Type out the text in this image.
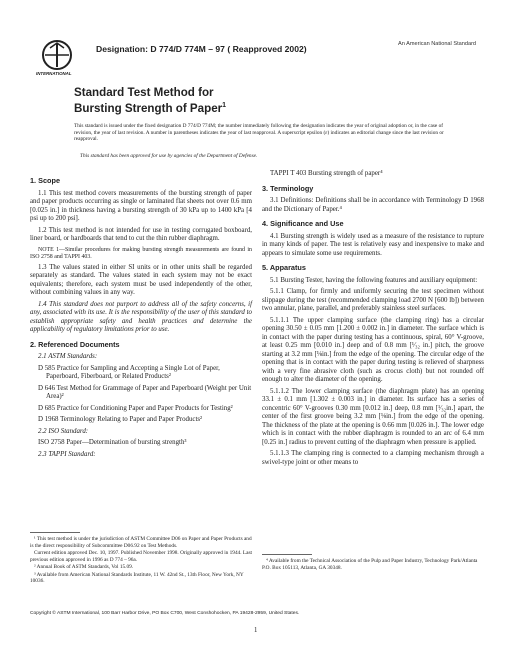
INTERNATIONAL
Designation: D 774/D 774M – 97 ( Reapproved 2002)	An American National Standard
Standard Test Method for
Bursting Strength of Paper$^1$
This standard is issued under the fixed designation D 774/D 774M; the number immediately following the designation indicates the year of original adoption or, in the case of revision, the year of last revision. A number in parentheses indicates the year of last reapproval. A superscript epsilon (ε) indicates an editorial change since the last revision or reapproval.
This standard has been approved for use by agencies of the Department of Defense.
1. Scope

1.1 This test method covers measurements of the bursting strength of paper and paper products occurring as single or laminated flat sheets not over 0.6 mm [0.025 in.] in thickness having a bursting strength of 30 kPa up to 1400 kPa [4 psi up to 200 psi].

1.2 This test method is not intended for use in testing corrugated boxboard, liner board, or hardboards that tend to cut the thin rubber diaphragm.

NOTE 1—Similar procedures for making bursting strength measurements are found in ISO 2758 and TAPPI 403.

1.3 The values stated in either SI units or in other units shall be regarded separately as standard. The values stated in each system may not be exact equivalents; therefore, each system must be used independently of the other, without combining values in any way.

1.4 This standard does not purport to address all of the safety concerns, if any, associated with its use. It is the responsibility of the user of this standard to establish appropriate safety and health practices and determine the applicability of regulatory limitations prior to use.

2. Referenced Documents

2.1 ASTM Standards:

D 585 Practice for Sampling and Accepting a Single Lot of Paper, Paperboard, Fiberboard, or Related Products²

D 646 Test Method for Grammage of Paper and Paperboard (Weight per Unit Area)²

D 685 Practice for Conditioning Paper and Paper Products for Testing²

D 1968 Terminology Relating to Paper and Paper Products²

2.2 ISO Standard:

ISO 2758 Paper—Determination of bursting strength³

2.3 TAPPI Standard:

TAPPI T 403 Bursting strength of paper⁴

3. Terminology

3.1 Definitions: Definitions shall be in accordance with Terminology D 1968 and the Dictionary of Paper.⁴

4. Significance and Use

4.1 Bursting strength is widely used as a measure of the resistance to rupture in many kinds of paper. The test is relatively easy and inexpensive to make and appears to simulate some use requirements.

5. Apparatus

5.1 Bursting Tester, having the following features and auxiliary equipment:

5.1.1 Clamp, for firmly and uniformly securing the test specimen without slippage during the test (recommended clamping load 2700 N [600 lb]) between two annular, plane, parallel, and preferably stainless steel surfaces.

5.1.1.1 The upper clamping surface (the clamping ring) has a circular opening 30.50 ± 0.05 mm [1.200 ± 0.002 in.] in diameter. The surface which is in contact with the paper during testing has a continuous, spiral, 60° V-groove, at least 0.25 mm [0.010 in.] deep and of 0.8 mm [¹⁄₃₂ in.] pitch, the groove starting at 3.2 mm [⅛in.] from the edge of the opening. The circular edge of the opening that is in contact with the paper during testing is relieved of sharpness with a very fine abrasive cloth (such as crocus cloth) but not rounded off enough to alter the diameter of the opening.

5.1.1.2 The lower clamping surface (the diaphragm plate) has an opening 33.1 ± 0.1 mm [1.302 ± 0.003 in.] in diameter. Its surface has a series of concentric 60° V-grooves 0.30 mm [0.012 in.] deep, 0.8 mm [¹⁄₃₂in.] apart, the center of the first groove being 3.2 mm [⅛in.] from the edge of the opening. The thickness of the plate at the opening is 0.66 mm [0.026 in.]. The lower edge which is in contact with the rubber diaphragm is rounded to an arc of 6.4 mm [0.25 in.] radius to prevent cutting of the diaphragm when pressure is applied.

5.1.1.3 The clamping ring is connected to a clamping mechanism through a swivel-type joint or other means to

¹ This test method is under the jurisdiction of ASTM Committee D06 on Paper and Paper Products and is the direct responsibility of Subcommittee D06.92 on Test Methods.

Current edition approved Dec. 10, 1997. Published November 1998. Originally approved in 1944. Last previous edition approved in 1996 as D 774 – 96a.

² Annual Book of ASTM Standards, Vol 15.09.

³ Available from American National Standards Institute, 11 W. 42nd St., 13th Floor, New York, NY 10036.

⁴ Available from the Technical Association of the Pulp and Paper Industry, Technology Park/Atlanta P.O. Box 105113, Atlanta, GA 30348.

Copyright © ASTM International, 100 Barr Harbor Drive, PO Box C700, West Conshohocken, PA 19428-2959, United States.
1
